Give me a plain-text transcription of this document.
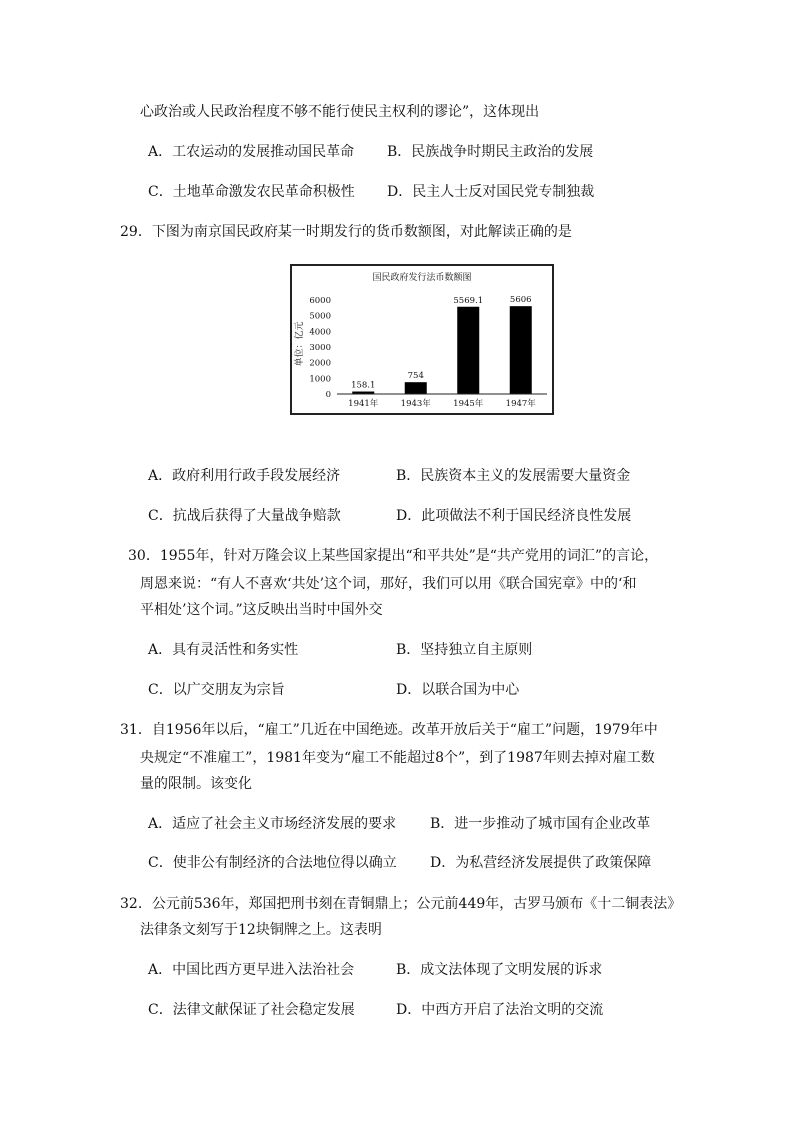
心政治或人民政治程度不够不能行使民主权利的谬论”，这体现出
A．工农运动的发展推动国民革命 B．民族战争时期民主政治的发展
C．土地革命激发农民革命积极性 D．民主人士反对国民党专制独裁
29．下图为南京国民政府某一时期发行的货币数额图，对此解读正确的是
国民政府发行法币数额图
单位：亿元
0
1000
2000
3000
4000
5000
6000
158.1
754
5569.1	5606
1941年	1943年	1945年	1947年
A．政府利用行政手段发展经济	B．民族资本主义的发展需要大量资金
C．抗战后获得了大量战争赔款	D．此项做法不利于国民经济良性发展
30．1955年，针对万隆会议上某些国家提出“和平共处”是“共产党用的词汇”的言论，
周恩来说：“有人不喜欢‘共处’这个词，那好，我们可以用《联合国宪章》中的‘和
平相处’这个词。”这反映出当时中国外交
A．具有灵活性和务实性	B．坚持独立自主原则
C．以广交朋友为宗旨	D．以联合国为中心
31．自1956年以后，“雇工”几近在中国绝迹。改革开放后关于“雇工”问题，1979年中
央规定“不准雇工”，1981年变为“雇工不能超过8个”，到了1987年则去掉对雇工数
量的限制。该变化
A．适应了社会主义市场经济发展的要求 B．进一步推动了城市国有企业改革
C．使非公有制经济的合法地位得以确立 D．为私营经济发展提供了政策保障
32．公元前536年，郑国把刑书刻在青铜鼎上；公元前449年，古罗马颁布《十二铜表法》
法律条文刻写于12块铜牌之上。这表明
A．中国比西方更早进入法治社会	B．成文法体现了文明发展的诉求
C．法律文献保证了社会稳定发展	D．中西方开启了法治文明的交流
